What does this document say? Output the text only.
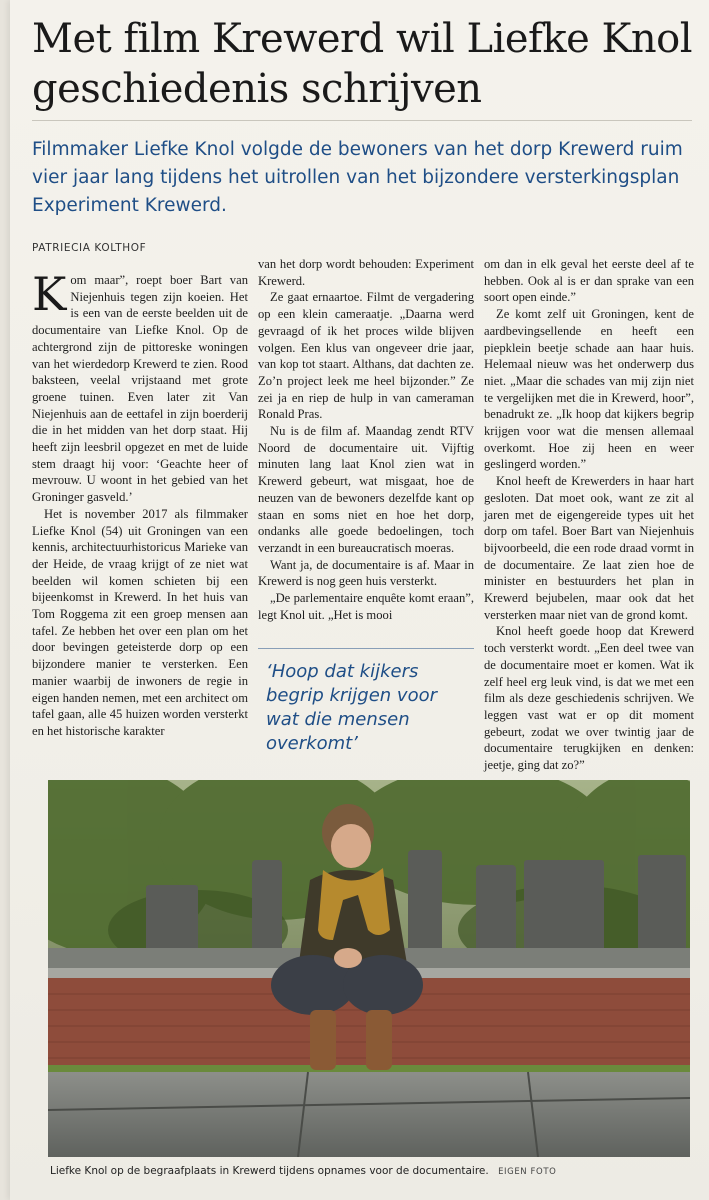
Met film Krewerd wil Liefke Knol geschiedenis schrijven

Filmmaker Liefke Knol volgde de bewoners van het dorp Krewerd ruim vier jaar lang tijdens het uitrollen van het bijzondere versterkingsplan Experiment Krewerd.

PATRIECIA KOLTHOF
K om maar”, roept boer Bart van Niejenhuis tegen zijn koeien. Het is een van de eerste beelden uit de documentaire van Liefke Knol. Op de achtergrond zijn de pittoreske woningen van het wierdedorp Krewerd te zien. Rood baksteen, veelal vrijstaand met grote groene tuinen. Even later zit Van Niejenhuis aan de eettafel in zijn boerderij die in het midden van het dorp staat. Hij heeft zijn leesbril opgezet en met de luide stem draagt hij voor: ‘Geachte heer of mevrouw. U woont in het gebied van het Groninger gasveld.’

Het is november 2017 als filmmaker Liefke Knol (54) uit Groningen van een kennis, architectuurhistoricus Marieke van der Heide, de vraag krijgt of ze niet wat beelden wil komen schieten bij een bijeenkomst in Krewerd. In het huis van Tom Roggema zit een groep mensen aan tafel. Ze hebben het over een plan om het door bevingen geteisterde dorp op een bijzondere manier te versterken. Een manier waarbij de inwoners de regie in eigen handen nemen, met een architect om tafel gaan, alle 45 huizen worden versterkt en het historische karakter

van het dorp wordt behouden: Experiment Krewerd.

Ze gaat ernaartoe. Filmt de vergadering op een klein cameraatje. „Daarna werd gevraagd of ik het proces wilde blijven volgen. Een klus van ongeveer drie jaar, van kop tot staart. Althans, dat dachten ze. Zo’n project leek me heel bijzonder.” Ze zei ja en riep de hulp in van cameraman Ronald Pras.

Nu is de film af. Maandag zendt RTV Noord de documentaire uit. Vijftig minuten lang laat Knol zien wat in Krewerd gebeurt, wat misgaat, hoe de neuzen van de bewoners dezelfde kant op staan en soms niet en hoe het dorp, ondanks alle goede bedoelingen, toch verzandt in een bureaucratisch moeras.

Want ja, de documentaire is af. Maar in Krewerd is nog geen huis versterkt.

„De parlementaire enquête komt eraan”, legt Knol uit. „Het is mooi

‘Hoop dat kijkers begrip krijgen voor wat die mensen overkomt’

om dan in elk geval het eerste deel af te hebben. Ook al is er dan sprake van een soort open einde.”

Ze komt zelf uit Groningen, kent de aardbevingsellende en heeft een piepklein beetje schade aan haar huis. Helemaal nieuw was het onderwerp dus niet. „Maar die schades van mij zijn niet te vergelijken met die in Krewerd, hoor”, benadrukt ze. „Ik hoop dat kijkers begrip krijgen voor wat die mensen allemaal overkomt. Hoe zij heen en weer geslingerd worden.”

Knol heeft de Krewerders in haar hart gesloten. Dat moet ook, want ze zit al jaren met de eigengereide types uit het dorp om tafel. Boer Bart van Niejenhuis bijvoorbeeld, die een rode draad vormt in de documentaire. Ze laat zien hoe de minister en bestuurders het plan in Krewerd bejubelen, maar ook dat het versterken maar niet van de grond komt.

Knol heeft goede hoop dat Krewerd toch versterkt wordt. „Een deel twee van de documentaire moet er komen. Wat ik zelf heel erg leuk vind, is dat we met een film als deze geschiedenis schrijven. We leggen vast wat er op dit moment gebeurt, zodat we over twintig jaar de documentaire terugkijken en denken: jeetje, ging dat zo?”

Liefke Knol op de begraafplaats in Krewerd tijdens opnames voor de documentaire. EIGEN FOTO
